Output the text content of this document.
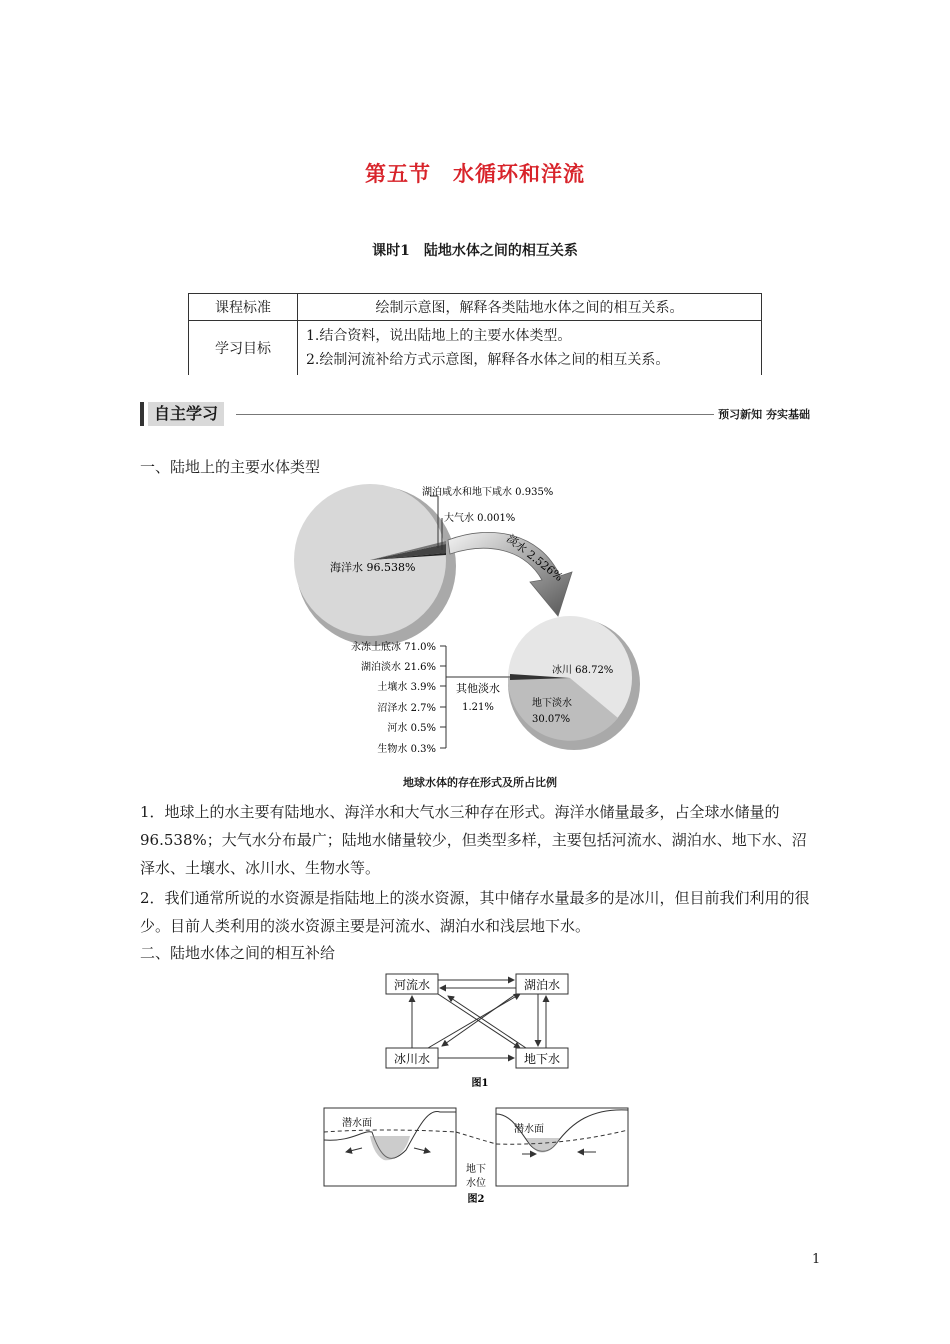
第五节　水循环和洋流
课时1　陆地水体之间的相互关系
课程标准	绘制示意图，解释各类陆地水体之间的相互关系。
学习目标	1.结合资料，说出陆地上的主要水体类型。
2.绘制河流补给方式示意图，解释各水体之间的相互关系。
自主学习	预习新知 夯实基础
一、陆地上的主要水体类型
海洋水 96.538%
湖泊咸水和地下咸水 0.935%
大气水 0.001%
淡水 2.526%
冰川 68.72%
地下淡水
30.07%
永冻土底冰 71.0%
湖泊淡水 21.6%
土壤水 3.9%
沼泽水 2.7%
河水 0.5%
生物水 0.3%
其他淡水
1.21%
地球水体的存在形式及所占比例
1．地球上的水主要有陆地水、海洋水和大气水三种存在形式。海洋水储量最多，占全球水储量的96.538%；大气水分布最广；陆地水储量较少，但类型多样，主要包括河流水、湖泊水、地下水、沼泽水、土壤水、冰川水、生物水等。
2．我们通常所说的水资源是指陆地上的淡水资源，其中储存水量最多的是冰川，但目前我们利用的很少。目前人类利用的淡水资源主要是河流水、湖泊水和浅层地下水。
二、陆地水体之间的相互补给
河流水	湖泊水
冰川水	地下水
图1
潜水面
潜水面
地下
水位
图2
1
